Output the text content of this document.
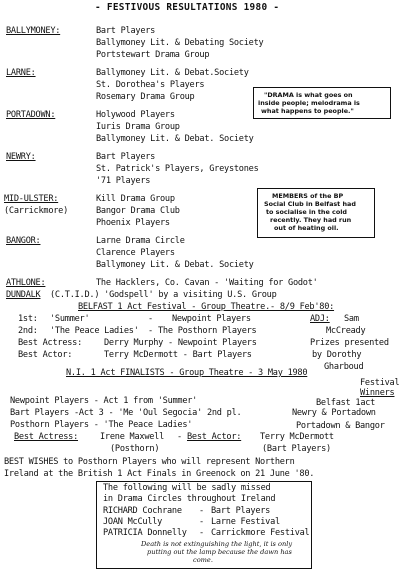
- FESTIVOUS RESULTATIONS 1980 -
BALLYMONEY:	Bart Players
Ballymoney Lit. & Debating Society
Portstewart Drama Group
LARNE:	Ballymoney Lit. & Debat.Society
St. Dorothea's Players
Rosemary Drama Group	"DRAMA is what goes on
inside people; melodrama is
what happens to people."
PORTADOWN:	Holywood Players
Iuris Drama Group
Ballymoney Lit. & Debat. Society
NEWRY:	Bart Players
St. Patrick's Players, Greystones
'71 Players
MID-ULSTER:
(Carrickmore)
Kill Drama Group
Bangor Drama Club
Phoenix Players
MEMBERS of the BP
Social Club in Belfast had
to socialise in the cold
recently. They had run
out of heating oil.
BANGOR:	Larne Drama Circle
Clarence Players
Ballymoney Lit. & Debat. Society
ATHLONE:	The Hacklers, Co. Cavan - 'Waiting for Godot'
DUNDALK (C.T.I.D.) 'Godspell' by a visiting U.S. Group
BELFAST 1 Act Festival - Group Theatre.- 8/9 Feb'80:
1st: 'Summer'	- Newpoint Players	ADJ: Sam
2nd: 'The Peace Ladies' - The Posthorn Players	McCready
Best Actress:	Derry Murphy - Newpoint Players	Prizes presented
Best Actor:	Terry McDermott - Bart Players	by Dorothy
Gharboud
N.I. 1 Act FINALISTS - Group Theatre - 3 May 1980
Festival
Winners
Newpoint Players - Act 1 from 'Summer'	Belfast 1act
Bart Players -Act 3 - 'Me 'Oul Segocia' 2nd pl.	Newry & Portadown
Posthorn Players - 'The Peace Ladies'	Portadown & Bangor
Best Actress:	Irene Maxwell - Best Actor: Terry McDermott
(Posthorn)	(Bart Players)
BEST WISHES to Posthorn Players who will represent Northern
Ireland at the British 1 Act Finals in Greenock on 21 June '80.
The following will be sadly missed
in Drama Circles throughout Ireland
RICHARD Cochrane - Bart Players
JOAN McCully	- Larne Festival
PATRICIA Donnelly - Carrickmore Festival
Death is not extinguishing the light, it is only
putting out the lamp because the dawn has
come.
